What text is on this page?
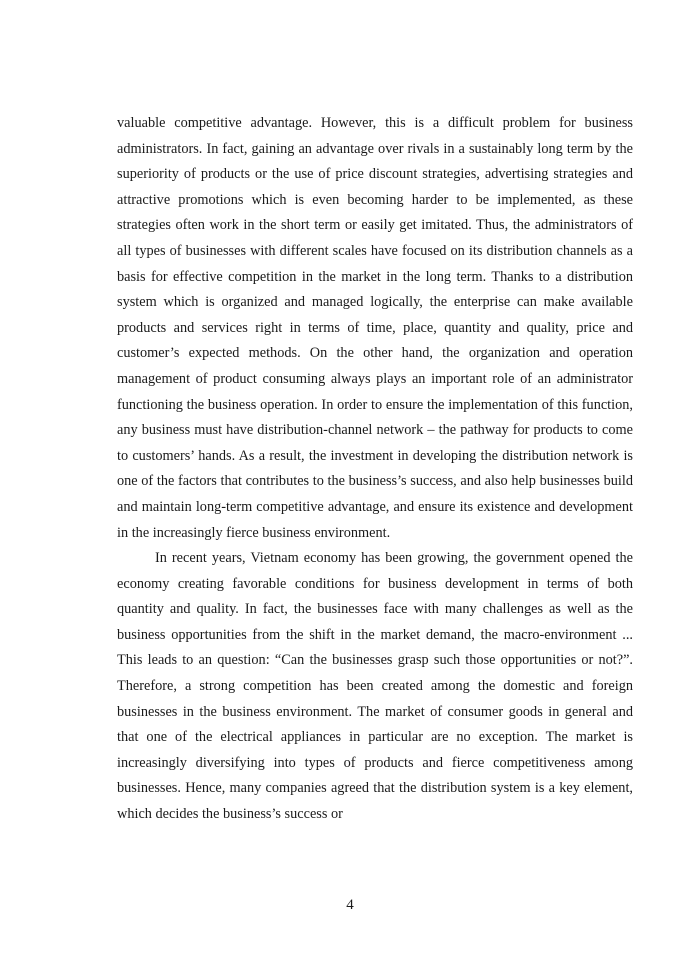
valuable competitive advantage. However, this is a difficult problem for business administrators. In fact, gaining an advantage over rivals in a sustainably long term by the superiority of products or the use of price discount strategies, advertising strategies and attractive promotions which is even becoming harder to be implemented, as these strategies often work in the short term or easily get imitated. Thus, the administrators of all types of businesses with different scales have focused on its distribution channels as a basis for effective competition in the market in the long term. Thanks to a distribution system which is organized and managed logically, the enterprise can make available products and services right in terms of time, place, quantity and quality, price and customer’s expected methods. On the other hand, the organization and operation management of product consuming always plays an important role of an administrator functioning the business operation. In order to ensure the implementation of this function, any business must have distribution-channel network – the pathway for products to come to customers’ hands. As a result, the investment in developing the distribution network is one of the factors that contributes to the business’s success, and also help businesses build and maintain long-term competitive advantage, and ensure its existence and development in the increasingly fierce business environment.

In recent years, Vietnam economy has been growing, the government opened the economy creating favorable conditions for business development in terms of both quantity and quality. In fact, the businesses face with many challenges as well as the business opportunities from the shift in the market demand, the macro-environment ... This leads to an question: “Can the businesses grasp such those opportunities or not?”. Therefore, a strong competition has been created among the domestic and foreign businesses in the business environment. The market of consumer goods in general and that one of the electrical appliances in particular are no exception. The market is increasingly diversifying into types of products and fierce competitiveness among businesses. Hence, many companies agreed that the distribution system is a key element, which decides the business’s success or

4
